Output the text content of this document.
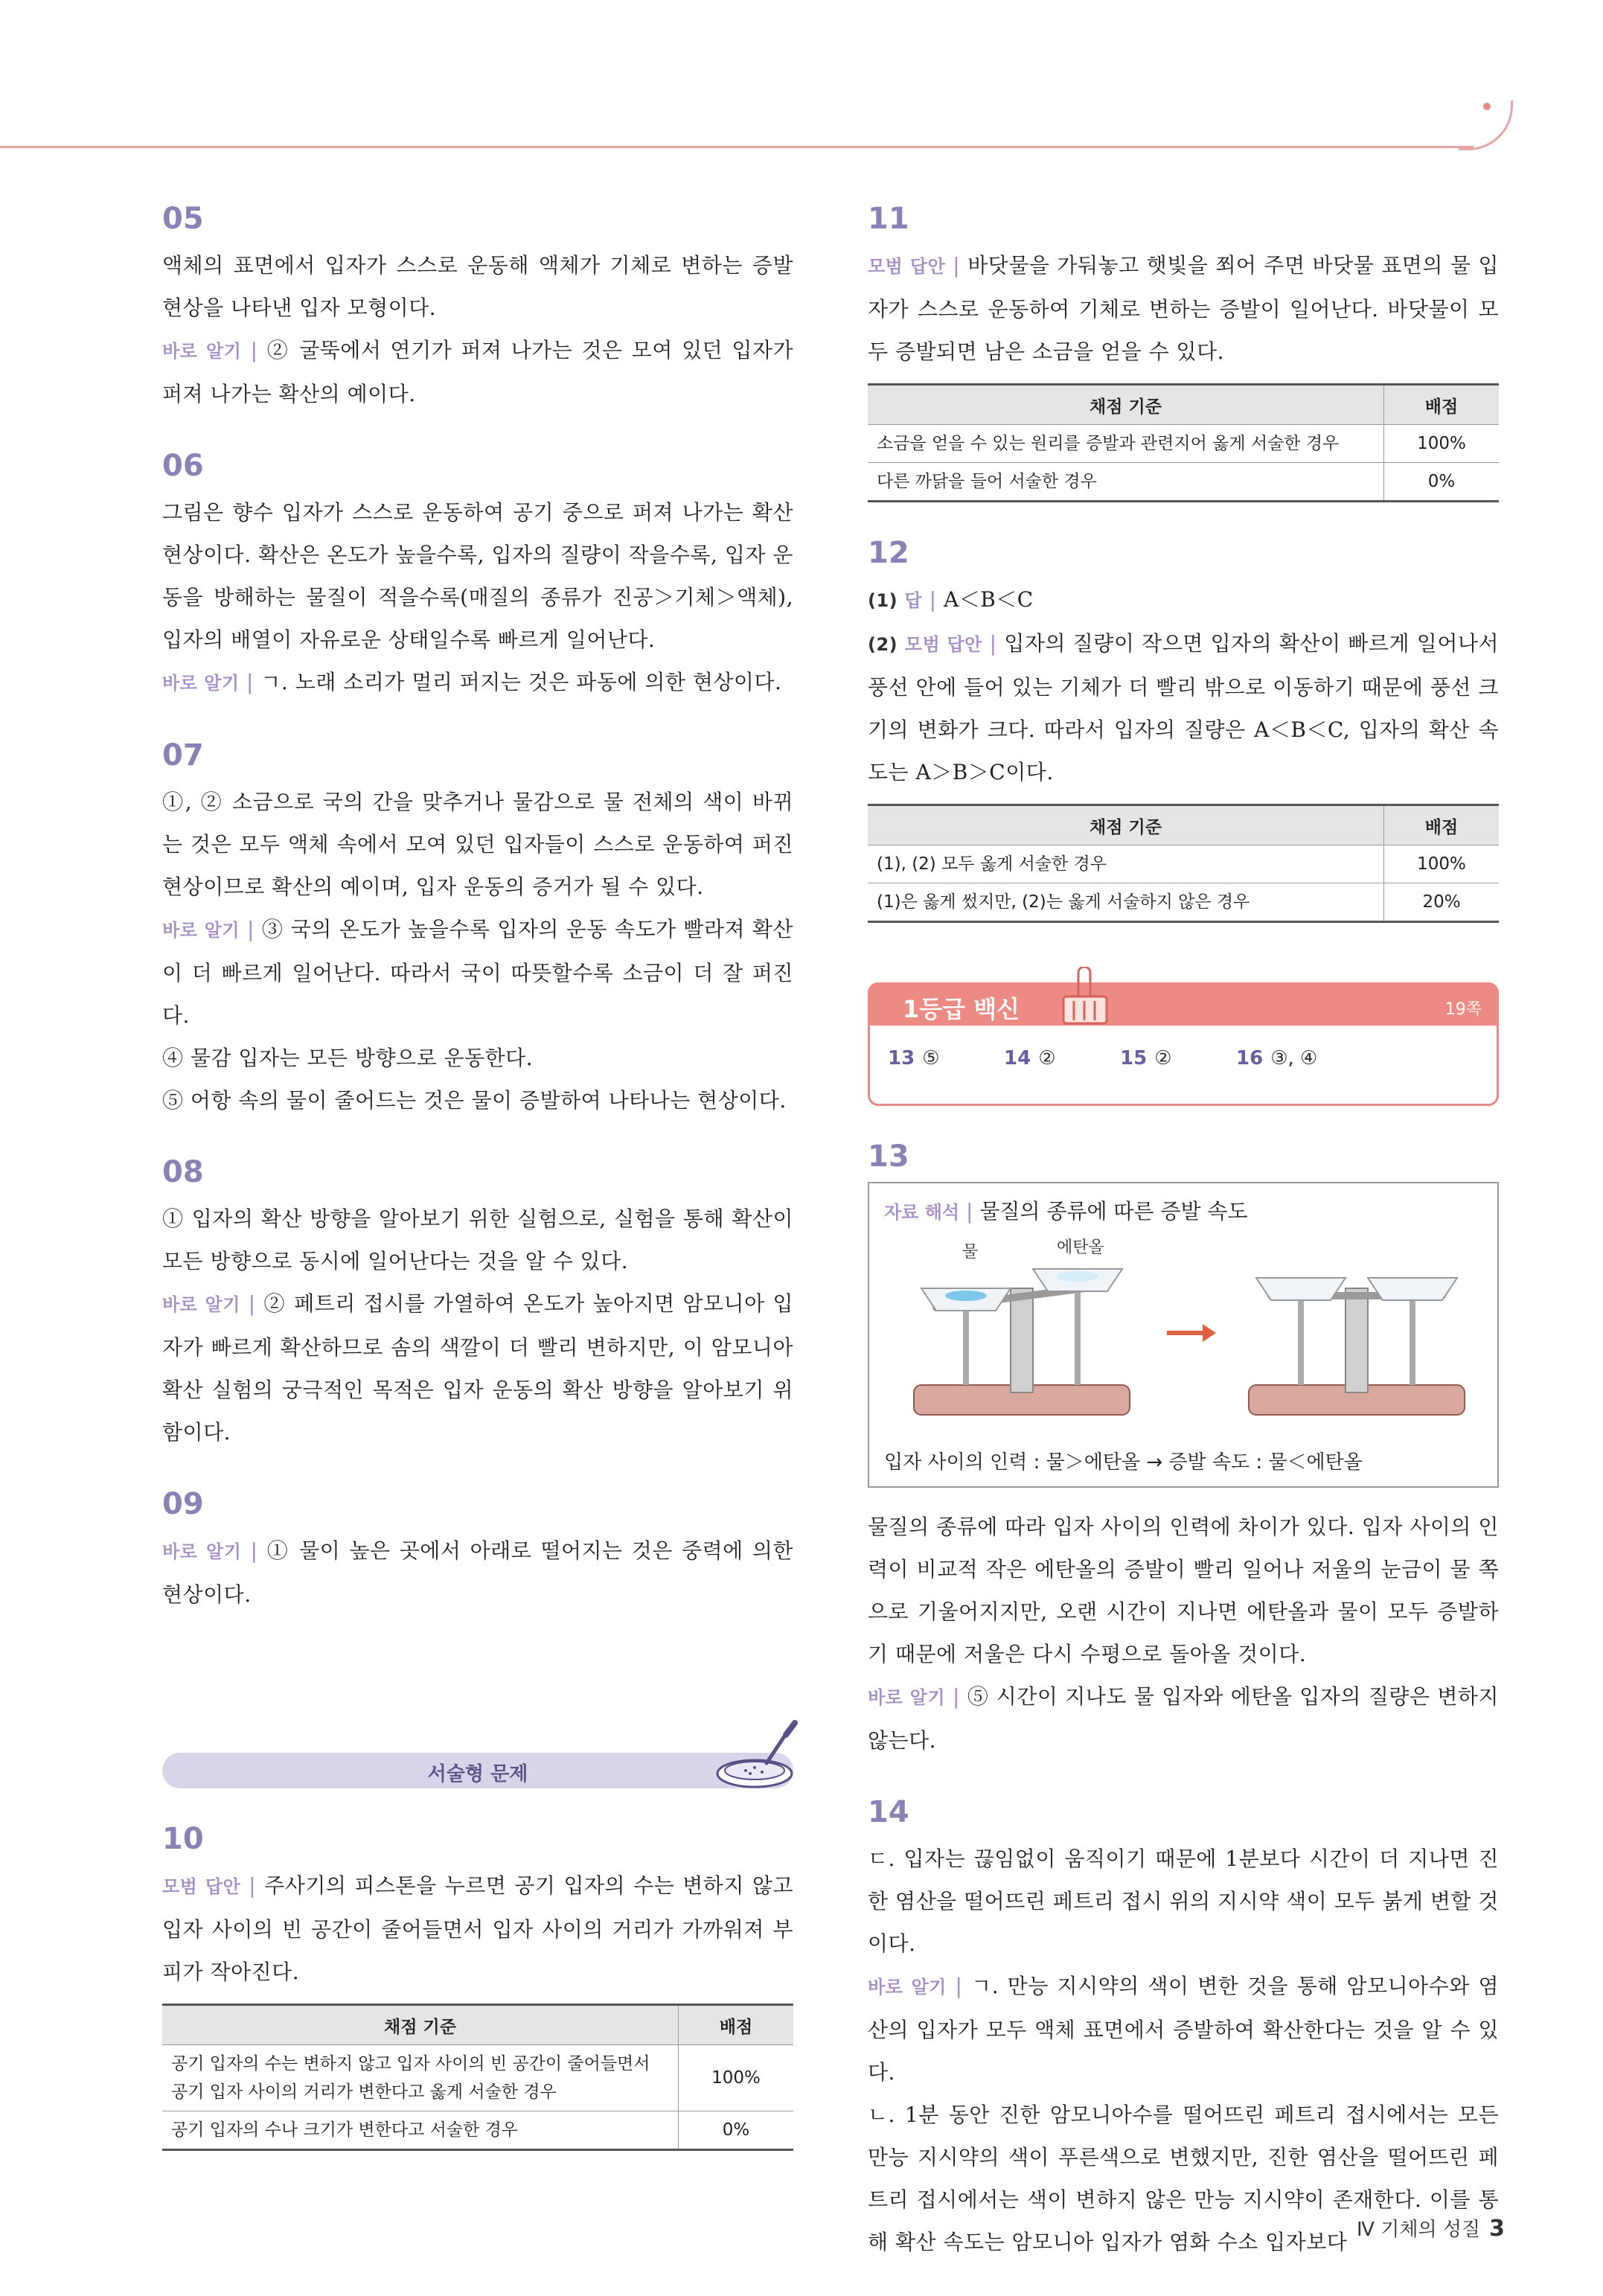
05

액체의 표면에서 입자가 스스로 운동해 액체가 기체로 변하는 증발 현상을 나타낸 입자 모형이다.

바로 알기 | ② 굴뚝에서 연기가 퍼져 나가는 것은 모여 있던 입자가 퍼져 나가는 확산의 예이다.

06

그림은 향수 입자가 스스로 운동하여 공기 중으로 퍼져 나가는 확산 현상이다. 확산은 온도가 높을수록, 입자의 질량이 작을수록, 입자 운동을 방해하는 물질이 적을수록(매질의 종류가 진공＞기체＞액체), 입자의 배열이 자유로운 상태일수록 빠르게 일어난다.

바로 알기 | ㄱ. 노래 소리가 멀리 퍼지는 것은 파동에 의한 현상이다.

07

①, ② 소금으로 국의 간을 맞추거나 물감으로 물 전체의 색이 바뀌는 것은 모두 액체 속에서 모여 있던 입자들이 스스로 운동하여 퍼진 현상이므로 확산의 예이며, 입자 운동의 증거가 될 수 있다.

바로 알기 | ③ 국의 온도가 높을수록 입자의 운동 속도가 빨라져 확산이 더 빠르게 일어난다. 따라서 국이 따뜻할수록 소금이 더 잘 퍼진다.

④ 물감 입자는 모든 방향으로 운동한다.

⑤ 어항 속의 물이 줄어드는 것은 물이 증발하여 나타나는 현상이다.

08

① 입자의 확산 방향을 알아보기 위한 실험으로, 실험을 통해 확산이 모든 방향으로 동시에 일어난다는 것을 알 수 있다.

바로 알기 | ② 페트리 접시를 가열하여 온도가 높아지면 암모니아 입자가 빠르게 확산하므로 솜의 색깔이 더 빨리 변하지만, 이 암모니아 확산 실험의 궁극적인 목적은 입자 운동의 확산 방향을 알아보기 위함이다.

09

바로 알기 | ① 물이 높은 곳에서 아래로 떨어지는 것은 중력에 의한 현상이다.

서술형 문제
10

모범 답안 | 주사기의 피스톤을 누르면 공기 입자의 수는 변하지 않고 입자 사이의 빈 공간이 줄어들면서 입자 사이의 거리가 가까워져 부피가 작아진다.

채점 기준	배점
공기 입자의 수는 변하지 않고 입자 사이의 빈 공간이 줄어들면서 공기 입자 사이의 거리가 변한다고 옳게 서술한 경우	100%
공기 입자의 수나 크기가 변한다고 서술한 경우	0%
11

모범 답안 | 바닷물을 가둬놓고 햇빛을 쬐어 주면 바닷물 표면의 물 입자가 스스로 운동하여 기체로 변하는 증발이 일어난다. 바닷물이 모두 증발되면 남은 소금을 얻을 수 있다.

채점 기준	배점
소금을 얻을 수 있는 원리를 증발과 관련지어 옳게 서술한 경우	100%
다른 까닭을 들어 서술한 경우	0%
12

(1) 답 | A＜B＜C

(2) 모범 답안 | 입자의 질량이 작으면 입자의 확산이 빠르게 일어나서 풍선 안에 들어 있는 기체가 더 빨리 밖으로 이동하기 때문에 풍선 크기의 변화가 크다. 따라서 입자의 질량은 A＜B＜C, 입자의 확산 속도는 A＞B＞C이다.

채점 기준	배점
(1), (2) 모두 옳게 서술한 경우	100%
(1)은 옳게 썼지만, (2)는 옳게 서술하지 않은 경우	20%
1등급 백신	19쪽
13 ⑤	14 ②	15 ②	16 ③, ④
13

자료 해석 | 물질의 종류에 따른 증발 속도

물	에탄올
입자 사이의 인력 : 물＞에탄올 → 증발 속도 : 물＜에탄올

물질의 종류에 따라 입자 사이의 인력에 차이가 있다. 입자 사이의 인력이 비교적 작은 에탄올의 증발이 빨리 일어나 저울의 눈금이 물 쪽으로 기울어지지만, 오랜 시간이 지나면 에탄올과 물이 모두 증발하기 때문에 저울은 다시 수평으로 돌아올 것이다.

바로 알기 | ⑤ 시간이 지나도 물 입자와 에탄올 입자의 질량은 변하지 않는다.

14

ㄷ. 입자는 끊임없이 움직이기 때문에 1분보다 시간이 더 지나면 진한 염산을 떨어뜨린 페트리 접시 위의 지시약 색이 모두 붉게 변할 것이다.

바로 알기 | ㄱ. 만능 지시약의 색이 변한 것을 통해 암모니아수와 염산의 입자가 모두 액체 표면에서 증발하여 확산한다는 것을 알 수 있다.

ㄴ. 1분 동안 진한 암모니아수를 떨어뜨린 페트리 접시에서는 모든 만능 지시약의 색이 푸른색으로 변했지만, 진한 염산을 떨어뜨린 페트리 접시에서는 색이 변하지 않은 만능 지시약이 존재한다. 이를 통해 확산 속도는 암모니아 입자가 염화 수소 입자보다 Ⅳ 기체의 성질 3
